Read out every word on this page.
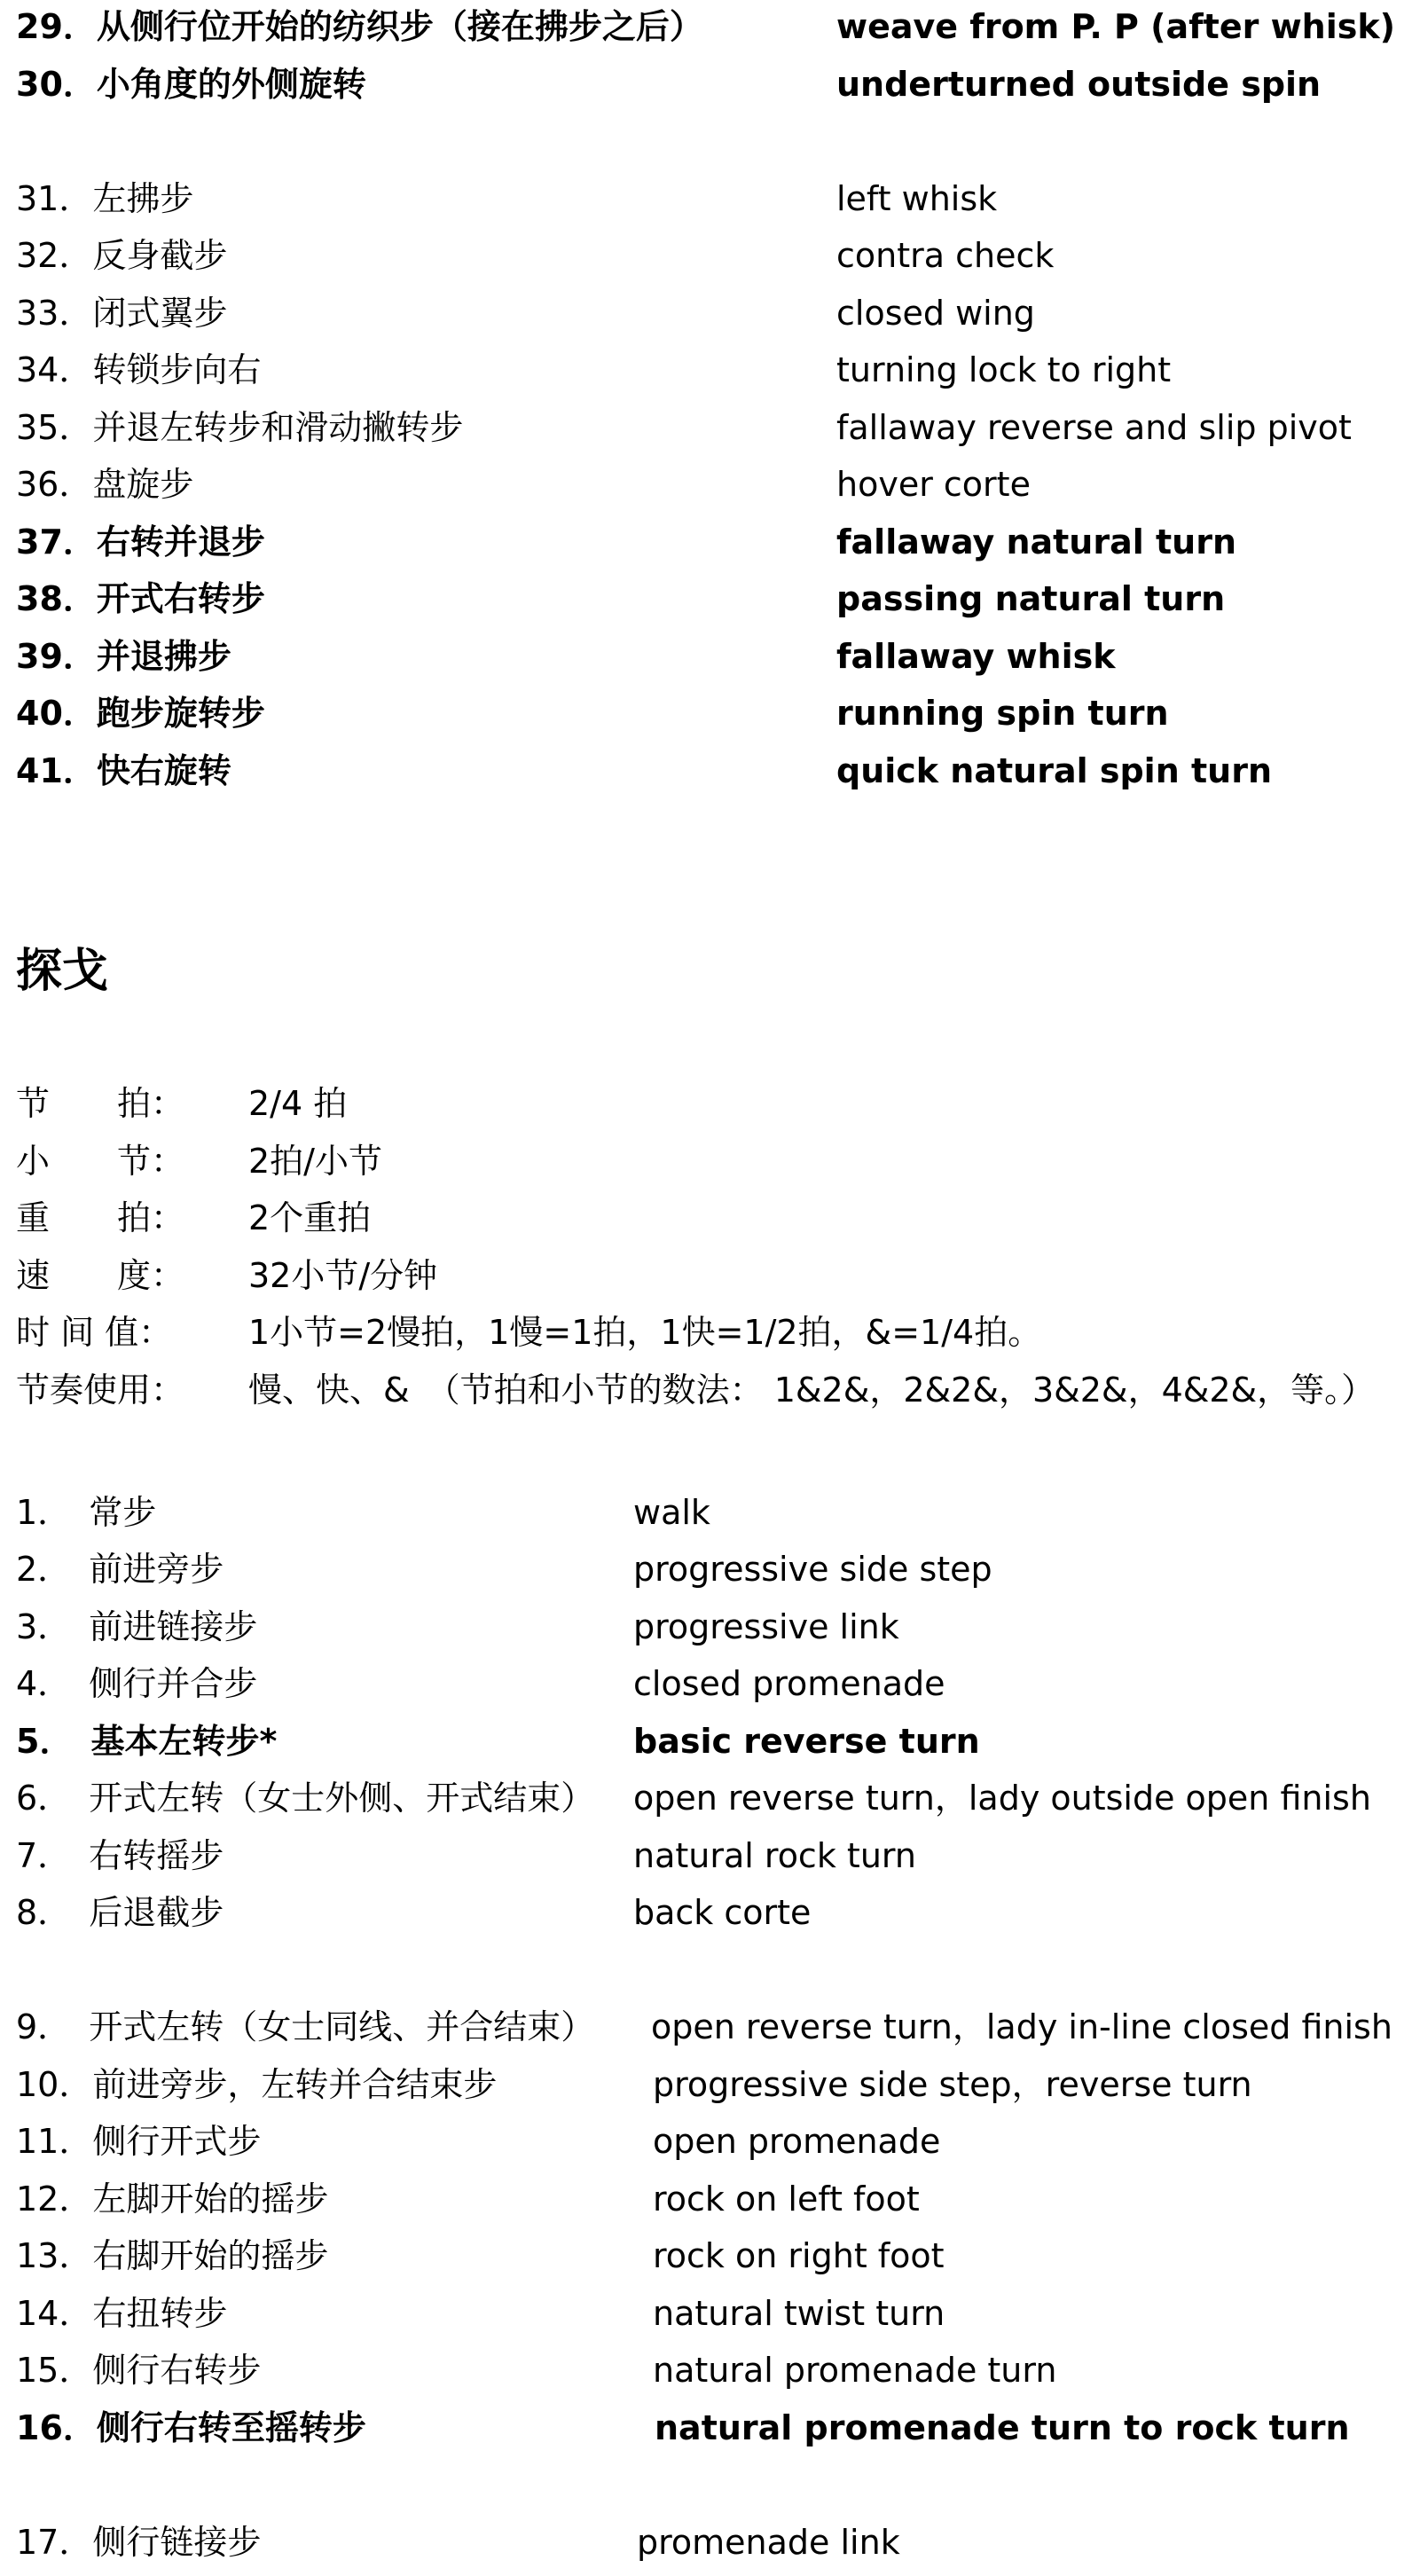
29．从侧行位开始的纺织步（接在拂步之后）	weave from P. P (after whisk)
30．小角度的外侧旋转	underturned outside spin
31．左拂步	left whisk
32．反身截步	contra check
33．闭式翼步	closed wing
34．转锁步向右	turning lock to right
35．并退左转步和滑动撇转步	fallaway reverse and slip pivot
36．盘旋步	hover corte
37．右转并退步	fallaway natural turn
38．开式右转步	passing natural turn
39．并退拂步	fallaway whisk
40．跑步旋转步	running spin turn
41．快右旋转	quick natural spin turn
探戈
节　　拍： 2/4 拍
小　　节： 2拍/小节
重　　拍： 2个重拍
速　　度： 32小节/分钟
时 间 值： 1小节=2慢拍，1慢=1拍，1快=1/2拍，&=1/4拍。
节奏使用： 慢、快、&　（节拍和小节的数法： 1&2&，2&2&，3&2&，4&2&，等。）
1． 常步	walk
2． 前进旁步	progressive side step
3． 前进链接步	progressive link
4． 侧行并合步	closed promenade
5． 基本左转步*	basic reverse turn
6． 开式左转（女士外侧、开式结束） open reverse turn，lady outside open finish
7． 右转摇步	natural rock turn
8． 后退截步	back corte
9． 开式左转（女士同线、并合结束） open reverse turn，lady in-line closed finish
10．前进旁步，左转并合结束步	progressive side step，reverse turn
11．侧行开式步	open promenade
12．左脚开始的摇步	rock on left foot
13．右脚开始的摇步	rock on right foot
14．右扭转步	natural twist turn
15．侧行右转步	natural promenade turn
16．侧行右转至摇转步	natural promenade turn to rock turn
17．侧行链接步	promenade link
